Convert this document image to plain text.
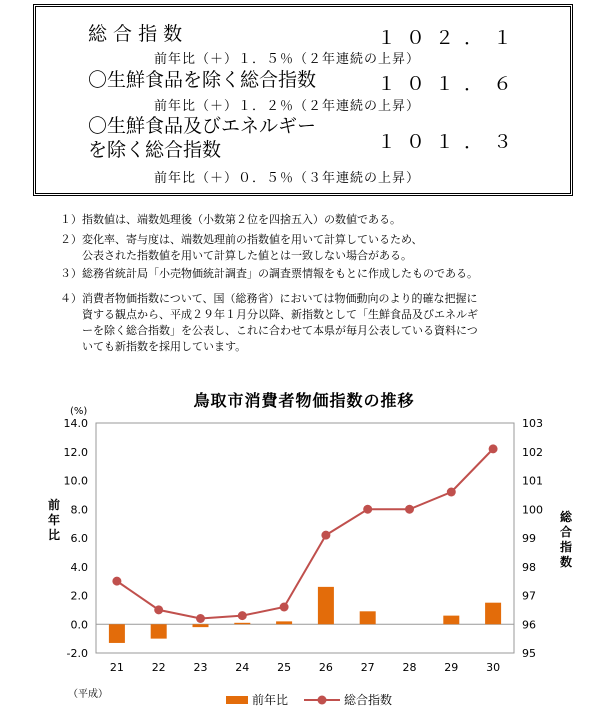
総 合 指 数	１０２．１
前年比（＋）１．５％（２年連続の上昇）
〇生鮮食品を除く総合指数	１０１．６
前年比（＋）１．２％（２年連続の上昇）
〇生鮮食品及びエネルギー
を除く総合指数	１０１．３
前年比（＋）０．５％（３年連続の上昇）
１）指数値は、端数処理後（小数第２位を四捨五入）の数値である。
２）変化率、寄与度は、端数処理前の指数値を用いて計算しているため、
公表された指数値を用いて計算した値とは一致しない場合がある。
３）総務省統計局「小売物価統計調査」の調査票情報をもとに作成したものである。
４）消費者物価指数について、国（総務省）においては物価動向のより的確な把握に
資する観点から、平成２９年１月分以降、新指数として「生鮮食品及びエネルギ
ーを除く総合指数」を公表し、これに合わせて本県が毎月公表している資料につ
いても新指数を採用しています。
鳥取市消費者物価指数の推移
(%)
（平成）
-2.0
0.0
2.0
4.0
6.0
8.0
10.0
12.0
14.0
95
96
97
98
99
100
101
102
103
21	22	23	24	25	26	27	28	29	30
前
年
比
総
合
指
数
前年比	総合指数
